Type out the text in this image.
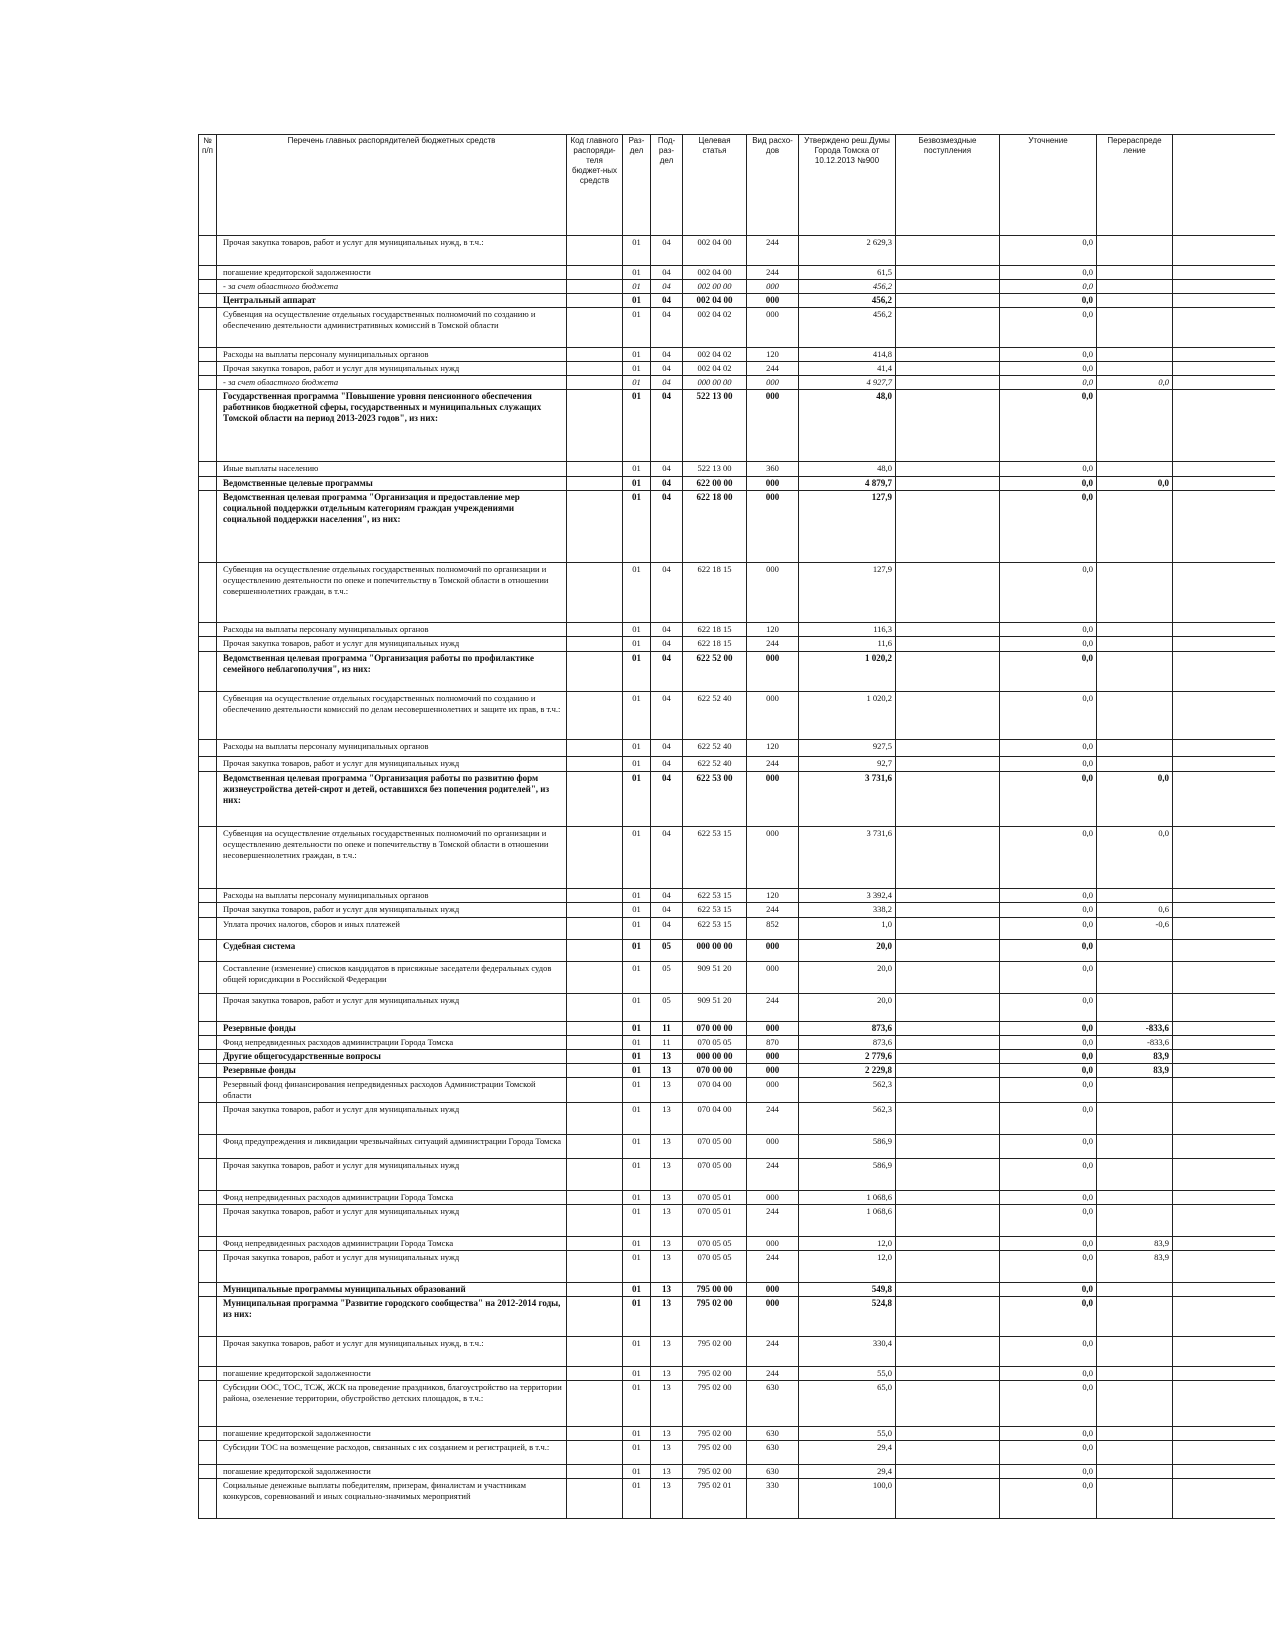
№ п/п	Перечень главных распорядителей бюджетных средств	Код главного распоряди-теля бюджет-ных средств	Раз-дел	Под-раз-дел	Целевая статья	Вид расхо-дов	Утверждено реш.Думы Города Томска от 10.12.2013 №900	Безвозмездные поступления	Уточнение	Перераспреде ление	
	Прочая закупка товаров, работ и услуг для муниципальных нужд, в т.ч.:		01	04	002 04 00	244	2 629,3		0,0		
	погашение кредиторской задолженности		01	04	002 04 00	244	61,5		0,0		
	- за счет областного бюджета		01	04	002 00 00	000	456,2		0,0		
	Центральный аппарат		01	04	002 04 00	000	456,2		0,0		
	Субвенция на осуществление отдельных государственных полномочий по созданию и обеспечению деятельности административных комиссий в Томской области		01	04	002 04 02	000	456,2		0,0		
	Расходы на выплаты персоналу муниципальных органов		01	04	002 04 02	120	414,8		0,0		
	Прочая закупка товаров, работ и услуг для муниципальных нужд		01	04	002 04 02	244	41,4		0,0		
	- за счет областного бюджета		01	04	000 00 00	000	4 927,7		0,0	0,0	
	Государственная программа "Повышение уровня пенсионного обеспечения работников бюджетной сферы, государственных и муниципальных служащих Томской области на период 2013-2023 годов", из них:		01	04	522 13 00	000	48,0		0,0		
	Иные выплаты населению		01	04	522 13 00	360	48,0		0,0		
	Ведомственные целевые программы		01	04	622 00 00	000	4 879,7		0,0	0,0	
	Ведомственная целевая программа "Организация и предоставление мер социальной поддержки отдельным категориям граждан учреждениями социальной поддержки населения", из них:		01	04	622 18 00	000	127,9		0,0		
	Субвенция на осуществление отдельных государственных полномочий по организации и осуществлению деятельности по опеке и попечительству в Томской области в отношении совершеннолетних граждан, в т.ч.:		01	04	622 18 15	000	127,9		0,0		
	Расходы на выплаты персоналу муниципальных органов		01	04	622 18 15	120	116,3		0,0		
	Прочая закупка товаров, работ и услуг для муниципальных нужд		01	04	622 18 15	244	11,6		0,0		
	Ведомственная целевая программа "Организация работы по профилактике семейного неблагополучия", из них:		01	04	622 52 00	000	1 020,2		0,0		
	Субвенция на осуществление отдельных государственных полномочий по созданию и обеспечению деятельности комиссий по делам несовершеннолетних и защите их прав, в т.ч.:		01	04	622 52 40	000	1 020,2		0,0		
	Расходы на выплаты персоналу муниципальных органов		01	04	622 52 40	120	927,5		0,0		
	Прочая закупка товаров, работ и услуг для муниципальных нужд		01	04	622 52 40	244	92,7		0,0		
	Ведомственная целевая программа "Организация работы по развитию форм жизнеустройства детей-сирот и детей, оставшихся без попечения родителей", из них:		01	04	622 53 00	000	3 731,6		0,0	0,0	
	Субвенция на осуществление отдельных государственных полномочий по организации и осуществлению деятельности по опеке и попечительству в Томской области в отношении несовершеннолетних граждан, в т.ч.:		01	04	622 53 15	000	3 731,6		0,0	0,0	
	Расходы на выплаты персоналу муниципальных органов		01	04	622 53 15	120	3 392,4		0,0		
	Прочая закупка товаров, работ и услуг для муниципальных нужд		01	04	622 53 15	244	338,2		0,0	0,6	
	Уплата прочих налогов, сборов и иных платежей		01	04	622 53 15	852	1,0		0,0	-0,6	
	Судебная система		01	05	000 00 00	000	20,0		0,0		
	Составление (изменение) списков кандидатов в присяжные заседатели федеральных судов общей юрисдикции в Российской Федерации		01	05	909 51 20	000	20,0		0,0		
	Прочая закупка товаров, работ и услуг для муниципальных нужд		01	05	909 51 20	244	20,0		0,0		
	Резервные фонды		01	11	070 00 00	000	873,6		0,0	-833,6	
	Фонд непредвиденных расходов администрации Города Томска		01	11	070 05 05	870	873,6		0,0	-833,6	
	Другие общегосударственные вопросы		01	13	000 00 00	000	2 779,6		0,0	83,9	
	Резервные фонды		01	13	070 00 00	000	2 229,8		0,0	83,9	
	Резервный фонд финансирования непредвиденных расходов Администрации Томской области		01	13	070 04 00	000	562,3		0,0		
	Прочая закупка товаров, работ и услуг для муниципальных нужд		01	13	070 04 00	244	562,3		0,0		
	Фонд предупреждения и ликвидации чрезвычайных ситуаций администрации Города Томска		01	13	070 05 00	000	586,9		0,0		
	Прочая закупка товаров, работ и услуг для муниципальных нужд		01	13	070 05 00	244	586,9		0,0		
	Фонд непредвиденных расходов администрации Города Томска		01	13	070 05 01	000	1 068,6		0,0		
	Прочая закупка товаров, работ и услуг для муниципальных нужд		01	13	070 05 01	244	1 068,6		0,0		
	Фонд непредвиденных расходов администрации Города Томска		01	13	070 05 05	000	12,0		0,0	83,9	
	Прочая закупка товаров, работ и услуг для муниципальных нужд		01	13	070 05 05	244	12,0		0,0	83,9	
	Муниципальные программы муниципальных образований		01	13	795 00 00	000	549,8		0,0		
	Муниципальная программа "Развитие городского сообщества" на 2012-2014 годы, из них:		01	13	795 02 00	000	524,8		0,0		
	Прочая закупка товаров, работ и услуг для муниципальных нужд, в т.ч.:		01	13	795 02 00	244	330,4		0,0		
	погашение кредиторской задолженности		01	13	795 02 00	244	55,0		0,0		
	Субсидии ООС, ТОС, ТСЖ, ЖСК на проведение праздников, благоустройство на территории района, озеленение территории, обустройство детских площадок, в т.ч.:		01	13	795 02 00	630	65,0		0,0		
	погашение кредиторской задолженности		01	13	795 02 00	630	55,0		0,0		
	Субсидии ТОС на возмещение расходов, связанных с их созданием и регистрацией, в т.ч.:		01	13	795 02 00	630	29,4		0,0		
	погашение кредиторской задолженности		01	13	795 02 00	630	29,4		0,0		
	Социальные денежные выплаты победителям, призерам, финалистам и участникам конкурсов, соревнований и иных социально-значимых мероприятий		01	13	795 02 01	330	100,0		0,0		
